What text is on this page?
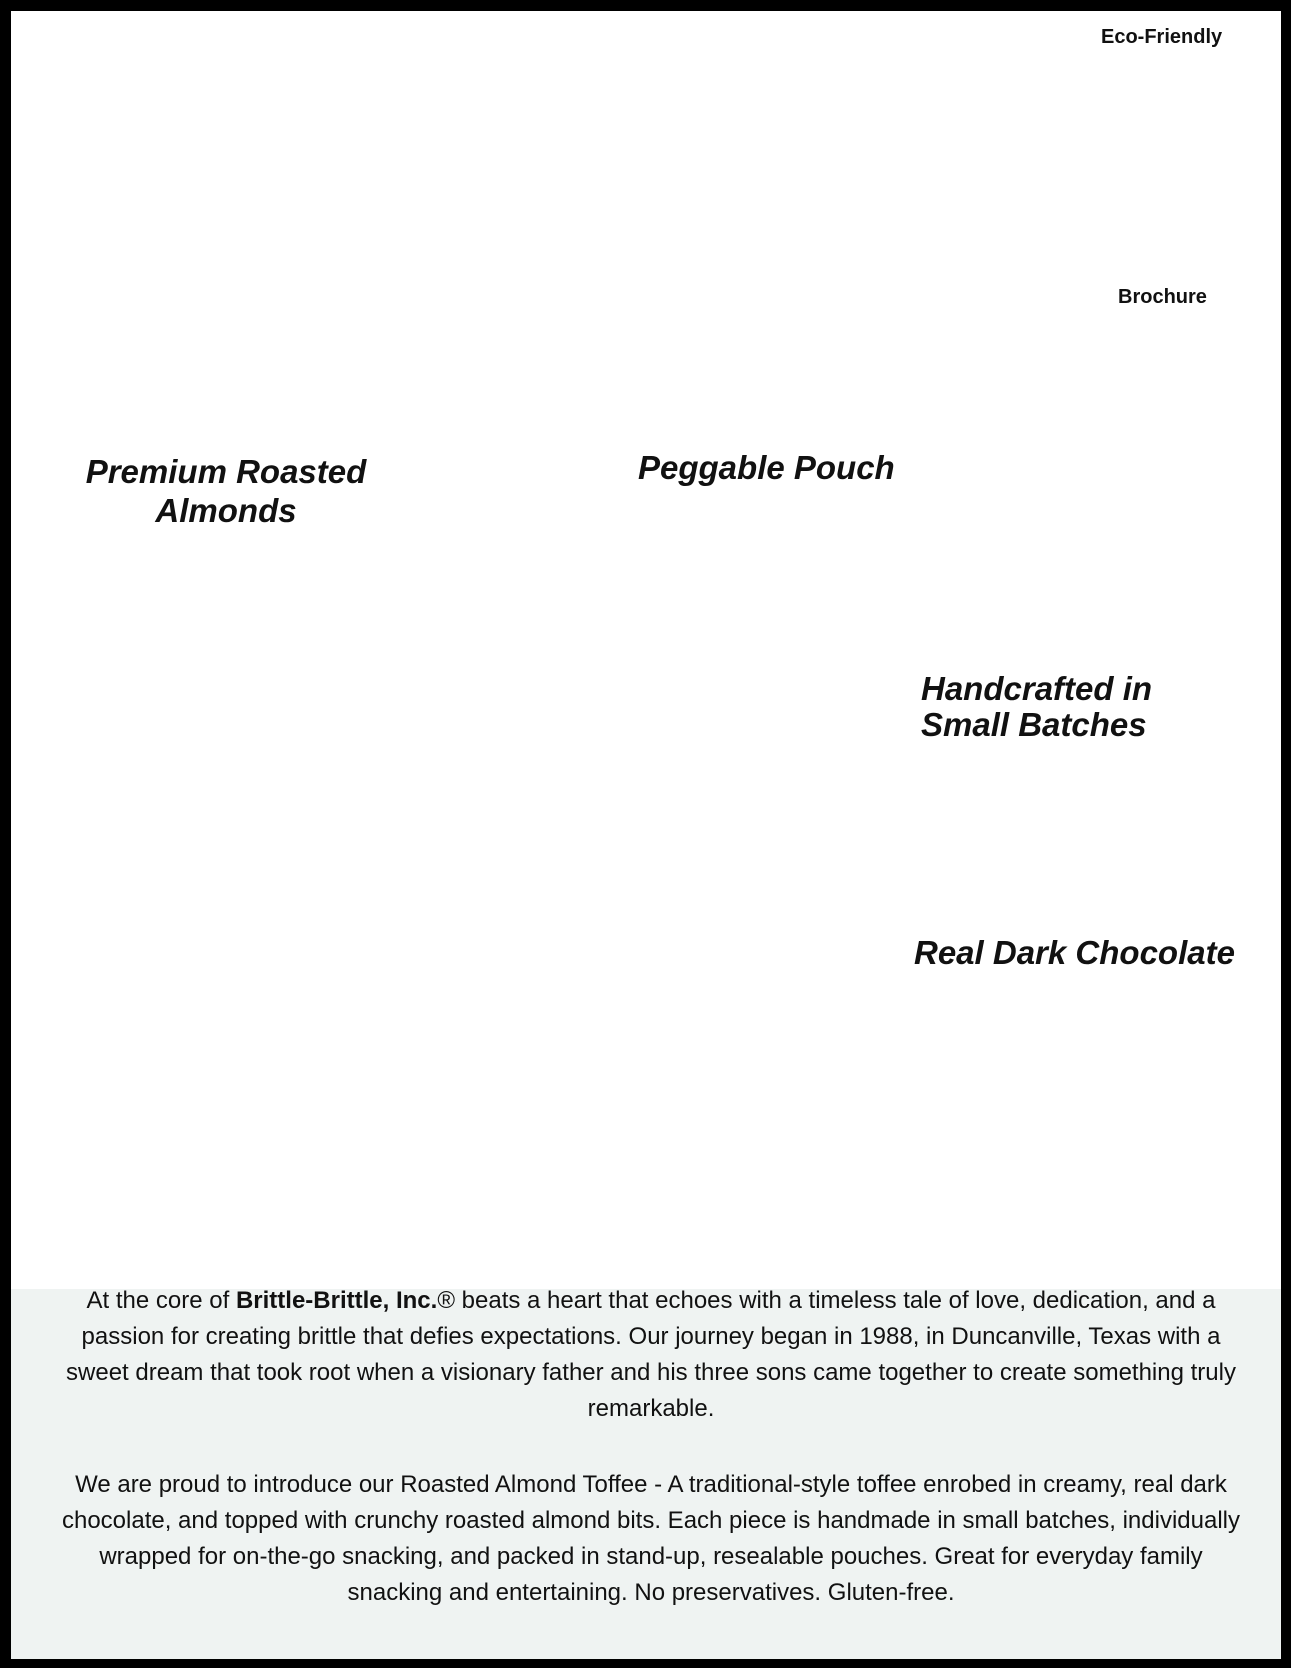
Eco-Friendly
Brochure
Premium Roasted Almonds
Peggable Pouch
Handcrafted in Small Batches
Real Dark Chocolate

At the core of Brittle-Brittle, Inc.® beats a heart that echoes with a timeless tale of love, dedication, and a passion for creating brittle that defies expectations. Our journey began in 1988, in Duncanville, Texas with a sweet dream that took root when a visionary father and his three sons came together to create something truly remarkable.

We are proud to introduce our Roasted Almond Toffee - A traditional-style toffee enrobed in creamy, real dark chocolate, and topped with crunchy roasted almond bits. Each piece is handmade in small batches, individually wrapped for on-the-go snacking, and packed in stand-up, resealable pouches. Great for everyday family snacking and entertaining. No preservatives. Gluten-free.
